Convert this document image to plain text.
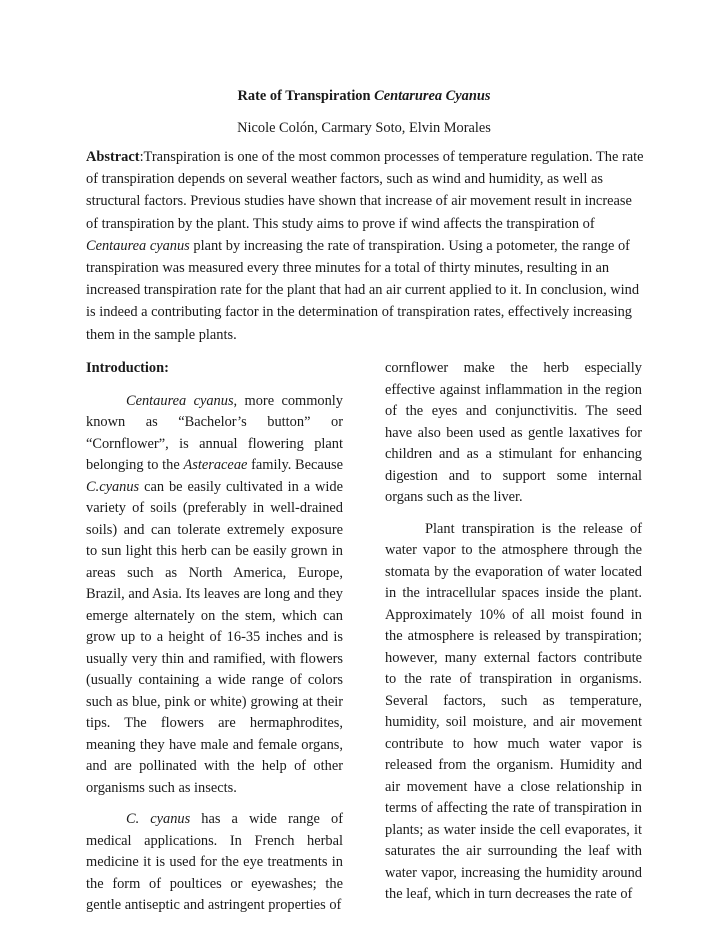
Rate of Transpiration Centarurea Cyanus
Nicole Colón, Carmary Soto, Elvin Morales

Abstract:Transpiration is one of the most common processes of temperature regulation. The rate of transpiration depends on several weather factors, such as wind and humidity, as well as structural factors. Previous studies have shown that increase of air movement result in increase of transpiration by the plant. This study aims to prove if wind affects the transpiration of Centaurea cyanus plant by increasing the rate of transpiration. Using a potometer, the range of transpiration was measured every three minutes for a total of thirty minutes, resulting in an increased transpiration rate for the plant that had an air current applied to it. In conclusion, wind is indeed a contributing factor in the determination of transpiration rates, effectively increasing them in the sample plants.

Introduction:

Centaurea cyanus, more commonly known as “Bachelor’s button” or “Cornflower”, is annual flowering plant belonging to the Asteraceae family. Because C.cyanus can be easily cultivated in a wide variety of soils (preferably in well-drained soils) and can tolerate extremely exposure to sun light this herb can be easily grown in areas such as North America, Europe, Brazil, and Asia. Its leaves are long and they emerge alternately on the stem, which can grow up to a height of 16-35 inches and is usually very thin and ramified, with flowers (usually containing a wide range of colors such as blue, pink or white) growing at their tips. The flowers are hermaphrodites, meaning they have male and female organs, and are pollinated with the help of other organisms such as insects.

C. cyanus has a wide range of medical applications. In French herbal medicine it is used for the eye treatments in the form of poultices or eyewashes; the gentle antiseptic and astringent properties of

cornflower make the herb especially effective against inflammation in the region of the eyes and conjunctivitis. The seed have also been used as gentle laxatives for children and as a stimulant for enhancing digestion and to support some internal organs such as the liver.

Plant transpiration is the release of water vapor to the atmosphere through the stomata by the evaporation of water located in the intracellular spaces inside the plant. Approximately 10% of all moist found in the atmosphere is released by transpiration; however, many external factors contribute to the rate of transpiration in organisms. Several factors, such as temperature, humidity, soil moisture, and air movement contribute to how much water vapor is released from the organism. Humidity and air movement have a close relationship in terms of affecting the rate of transpiration in plants; as water inside the cell evaporates, it saturates the air surrounding the leaf with water vapor, increasing the humidity around the leaf, which in turn decreases the rate of
